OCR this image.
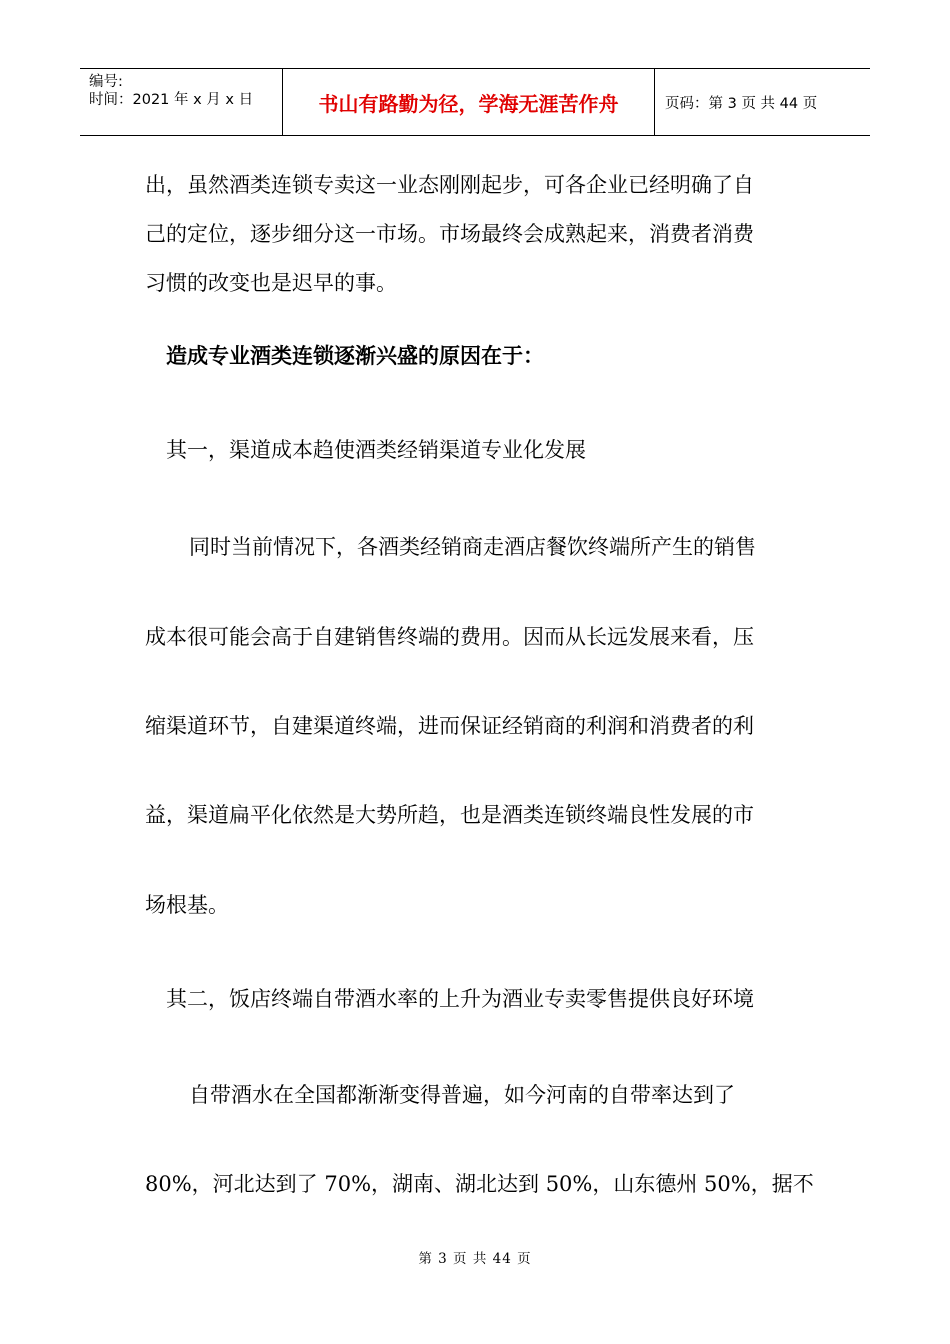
编号:
时间：2021 年 x 月 x 日	书山有路勤为径，学海无涯苦作舟	页码：第 3 页 共 44 页
出，虽然酒类连锁专卖这一业态刚刚起步，可各企业已经明确了自
己的定位，逐步细分这一市场。市场最终会成熟起来，消费者消费
习惯的改变也是迟早的事。
造成专业酒类连锁逐渐兴盛的原因在于：
其一，渠道成本趋使酒类经销渠道专业化发展
同时当前情况下，各酒类经销商走酒店餐饮终端所产生的销售
成本很可能会高于自建销售终端的费用。因而从长远发展来看，压
缩渠道环节，自建渠道终端，进而保证经销商的利润和消费者的利
益，渠道扁平化依然是大势所趋，也是酒类连锁终端良性发展的市
场根基。
其二，饭店终端自带酒水率的上升为酒业专卖零售提供良好环境
自带酒水在全国都渐渐变得普遍，如今河南的自带率达到了
80%，河北达到了 70%，湖南、湖北达到 50%，山东德州 50%，据不
第 3 页 共 44 页
